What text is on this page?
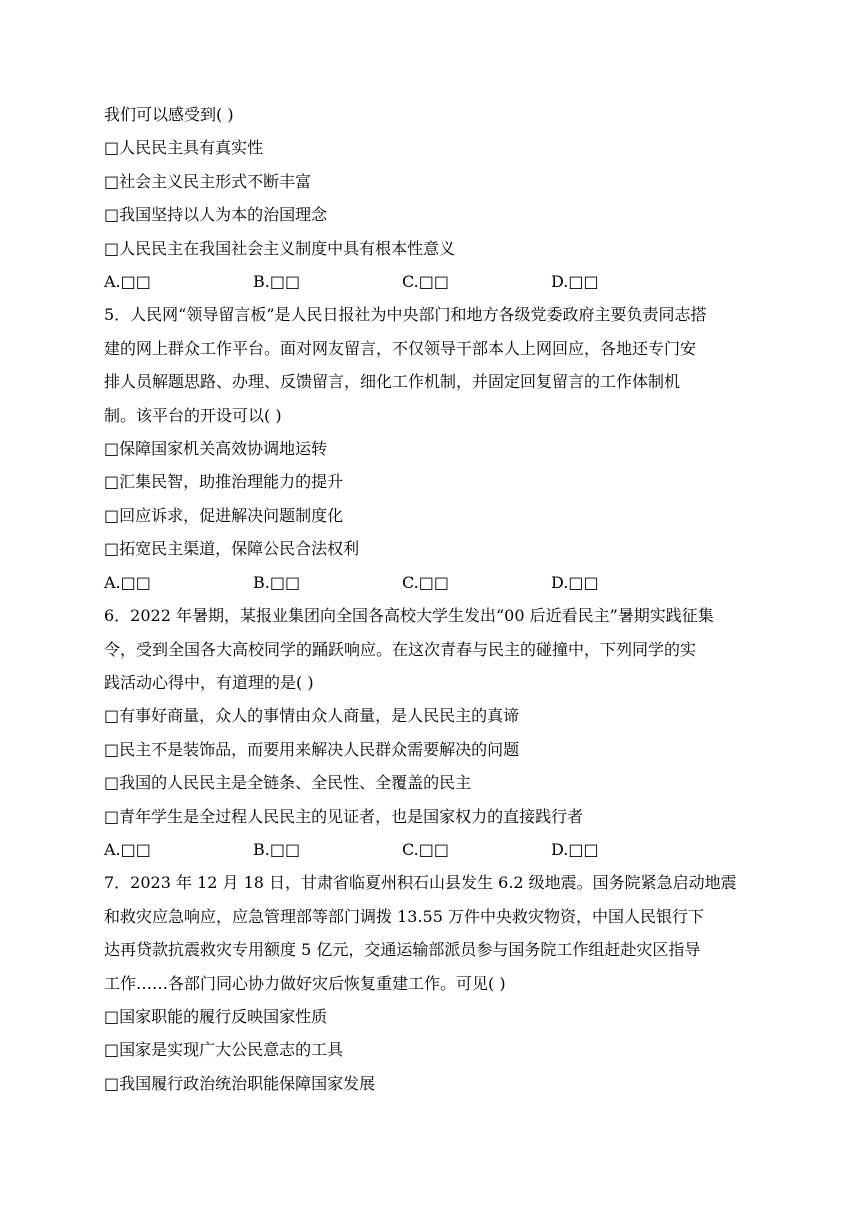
我们可以感受到( )
□人民民主具有真实性
□社会主义民主形式不断丰富
□我国坚持以人为本的治国理念
□人民民主在我国社会主义制度中具有根本性意义
A.□□	B.□□	C.□□	D.□□
5．人民网“领导留言板”是人民日报社为中央部门和地方各级党委政府主要负责同志搭
建的网上群众工作平台。面对网友留言，不仅领导干部本人上网回应，各地还专门安
排人员解题思路、办理、反馈留言，细化工作机制，并固定回复留言的工作体制机
制。该平台的开设可以( )
□保障国家机关高效协调地运转
□汇集民智，助推治理能力的提升
□回应诉求，促进解决问题制度化
□拓宽民主渠道，保障公民合法权利
A.□□	B.□□	C.□□	D.□□
6．2022 年暑期，某报业集团向全国各高校大学生发出“00 后近看民主”暑期实践征集
令，受到全国各大高校同学的踊跃响应。在这次青春与民主的碰撞中，下列同学的实
践活动心得中，有道理的是( )
□有事好商量，众人的事情由众人商量，是人民民主的真谛
□民主不是装饰品，而要用来解决人民群众需要解决的问题
□我国的人民民主是全链条、全民性、全覆盖的民主
□青年学生是全过程人民民主的见证者，也是国家权力的直接践行者
A.□□	B.□□	C.□□	D.□□
7．2023 年 12 月 18 日，甘肃省临夏州积石山县发生 6.2 级地震。国务院紧急启动地震
和救灾应急响应，应急管理部等部门调拨 13.55 万件中央救灾物资，中国人民银行下
达再贷款抗震救灾专用额度 5 亿元，交通运输部派员参与国务院工作组赶赴灾区指导
工作……各部门同心协力做好灾后恢复重建工作。可见( )
□国家职能的履行反映国家性质
□国家是实现广大公民意志的工具
□我国履行政治统治职能保障国家发展
